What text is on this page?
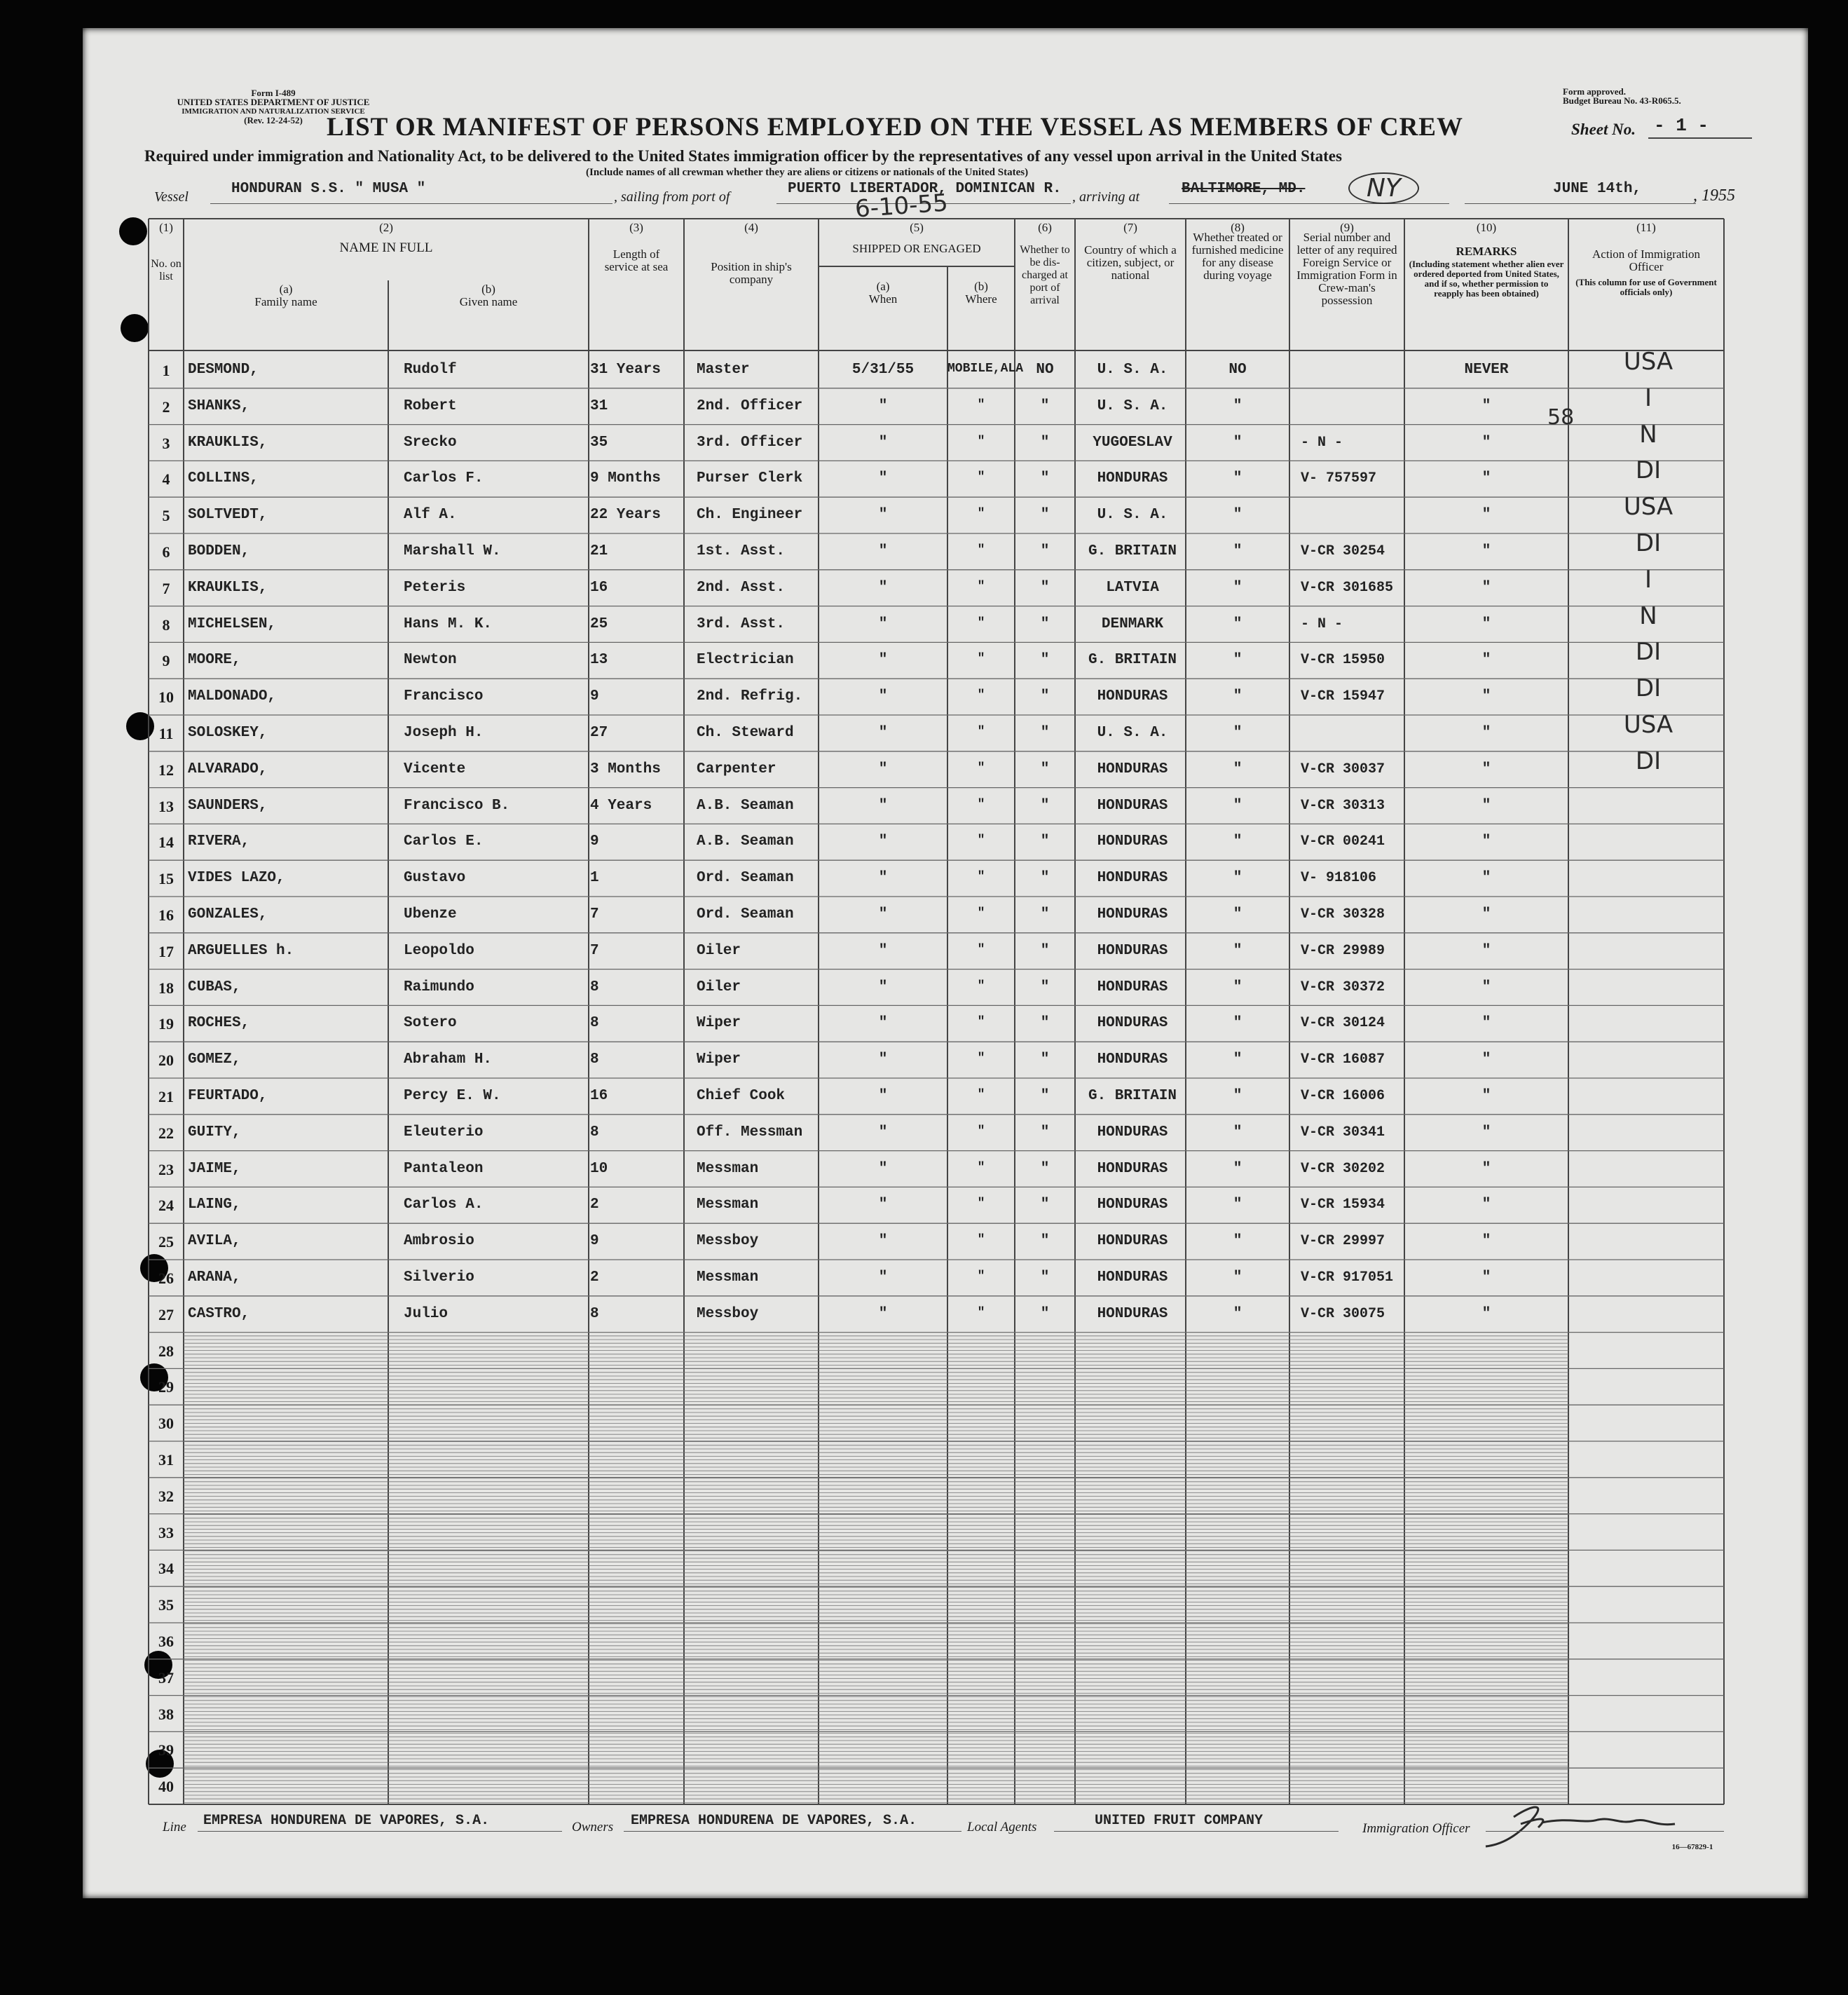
Form I-489
UNITED STATES DEPARTMENT OF JUSTICE
IMMIGRATION AND NATURALIZATION SERVICE
(Rev. 12-24-52)
Form approved.
Budget Bureau No. 43-R065.5.
LIST OR MANIFEST OF PERSONS EMPLOYED ON THE VESSEL AS MEMBERS OF CREW	Sheet No. - 1 -
Required under immigration and Nationality Act, to be delivered to the United States immigration officer by the representatives of any vessel upon arrival in the United States
(Include names of all crewman whether they are aliens or citizens or nationals of the United States)
Vessel	HONDURAN S.S. " MUSA "	, sailing from port of	PUERTO LIBERTADOR, DOMINICAN R.
6-10-55	, arriving at	BALTIMORE, MD.	NY	JUNE 14th,	, 1955
(1)
No. on list
(2)
NAME IN FULL
(a)
Family name
(b)
Given name
(3)
Length of service at sea
(4)
Position in ship's company
(5)
SHIPPED OR ENGAGED
(a)
When
(b)
Where
(6)
Whether to be dis-charged at port of arrival
(7)
Country of which a citizen, subject, or national
(8)
Whether treated or furnished medicine for any disease during voyage
(9)
Serial number and letter of any required Foreign Service or Immigration Form in Crew-man's possession
(10)
REMARKS
(Including statement whether alien ever ordered deported from United States, and if so, whether permission to reapply has been obtained)
(11)
Action of Immigration Officer
(This column for use of Government officials only)
1	DESMOND,	Rudolf	31 Years	Master	5/31/55	MOBILE,ALA NO	U. S. A.	NO	NEVER	USA
2	SHANKS,	Robert	31	2nd. Officer	"	"	"	U. S. A.	"	"	I
3	KRAUKLIS,	Srecko	35	3rd. Officer	"	"	"	YUGOESLAV	"	- N -	"	N
4	COLLINS,	Carlos F.	9 Months	Purser Clerk	"	"	"	HONDURAS	"	V- 757597	"	DI
5	SOLTVEDT,	Alf A.	22 Years	Ch. Engineer	"	"	"	U. S. A.	"	"	USA
6	BODDEN,	Marshall W.	21	1st. Asst.	"	"	"	G. BRITAIN	"	V-CR 30254	"	DI
7	KRAUKLIS,	Peteris	16	2nd. Asst.	"	"	"	LATVIA	"	V-CR 301685	"	I
8	MICHELSEN,	Hans M. K.	25	3rd. Asst.	"	"	"	DENMARK	"	- N -	"	N
9	MOORE,	Newton	13	Electrician	"	"	"	G. BRITAIN	"	V-CR 15950	"	DI
10 MALDONADO,	Francisco	9	2nd. Refrig.	"	"	"	HONDURAS	"	V-CR 15947	"	DI
11 SOLOSKEY,	Joseph H.	27	Ch. Steward	"	"	"	U. S. A.	"	"	USA
12 ALVARADO,	Vicente	3 Months	Carpenter	"	"	"	HONDURAS	"	V-CR 30037	"	DI
13 SAUNDERS,	Francisco B.	4 Years	A.B. Seaman	"	"	"	HONDURAS	"	V-CR 30313	"
14 RIVERA,	Carlos E.	9	A.B. Seaman	"	"	"	HONDURAS	"	V-CR 00241	"
15 VIDES LAZO,	Gustavo	1	Ord. Seaman	"	"	"	HONDURAS	"	V- 918106	"
16 GONZALES,	Ubenze	7	Ord. Seaman	"	"	"	HONDURAS	"	V-CR 30328	"
17 ARGUELLES h.	Leopoldo	7	Oiler	"	"	"	HONDURAS	"	V-CR 29989	"
18 CUBAS,	Raimundo	8	Oiler	"	"	"	HONDURAS	"	V-CR 30372	"
19 ROCHES,	Sotero	8	Wiper	"	"	"	HONDURAS	"	V-CR 30124	"
20 GOMEZ,	Abraham H.	8	Wiper	"	"	"	HONDURAS	"	V-CR 16087	"
21 FEURTADO,	Percy E. W.	16	Chief Cook	"	"	"	G. BRITAIN	"	V-CR 16006	"
22 GUITY,	Eleuterio	8	Off. Messman	"	"	"	HONDURAS	"	V-CR 30341	"
23 JAIME,	Pantaleon	10	Messman	"	"	"	HONDURAS	"	V-CR 30202	"
24 LAING,	Carlos A.	2	Messman	"	"	"	HONDURAS	"	V-CR 15934	"
25 AVILA,	Ambrosio	9	Messboy	"	"	"	HONDURAS	"	V-CR 29997	"
26 ARANA,	Silverio	2	Messman	"	"	"	HONDURAS	"	V-CR 917051	"
27 CASTRO,	Julio	8	Messboy	"	"	"	HONDURAS	"	V-CR 30075	"
28
29
30
31
32
33
34
35
36
37
38
39
40
58
Line EMPRESA HONDURENA DE VAPORES, S.A.	Owners EMPRESA HONDURENA DE VAPORES, S.A.	Local Agents	UNITED FRUIT COMPANY	Immigration Officer
16—67829-1
